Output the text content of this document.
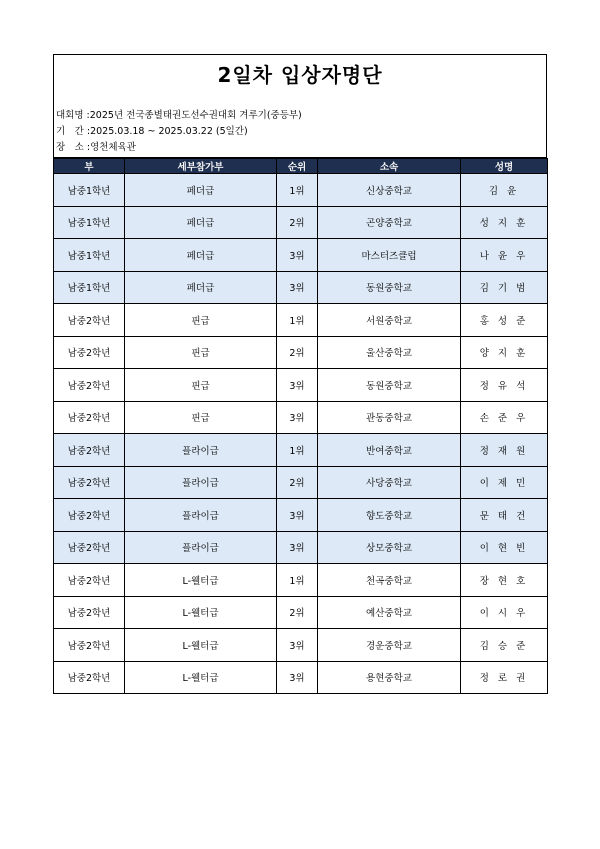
2일차 입상자명단
대회명 :2025년 전국종별태권도선수권대회 겨루기(중등부)
기　간 :2025.03.18 ~ 2025.03.22 (5일간)
장　소 :영천체육관
부	세부참가부	순위	소속	성명
남중1학년	페더급	1위	신상중학교	김 윤
남중1학년	페더급	2위	곤양중학교	성 지 훈
남중1학년	페더급	3위	마스터즈클럽	나 윤 우
남중1학년	페더급	3위	동원중학교	김 기 범
남중2학년	핀급	1위	서원중학교	홍 성 준
남중2학년	핀급	2위	울산중학교	양 지 훈
남중2학년	핀급	3위	동원중학교	정 유 석
남중2학년	핀급	3위	관동중학교	손 준 우
남중2학년	플라이급	1위	반여중학교	정 재 원
남중2학년	플라이급	2위	사당중학교	이 제 민
남중2학년	플라이급	3위	향도중학교	문 태 건
남중2학년	플라이급	3위	상모중학교	이 현 빈
남중2학년	L-웰터급	1위	천곡중학교	장 현 호
남중2학년	L-웰터급	2위	예산중학교	이 시 우
남중2학년	L-웰터급	3위	경운중학교	김 승 준
남중2학년	L-웰터급	3위	용현중학교	정 로 권
